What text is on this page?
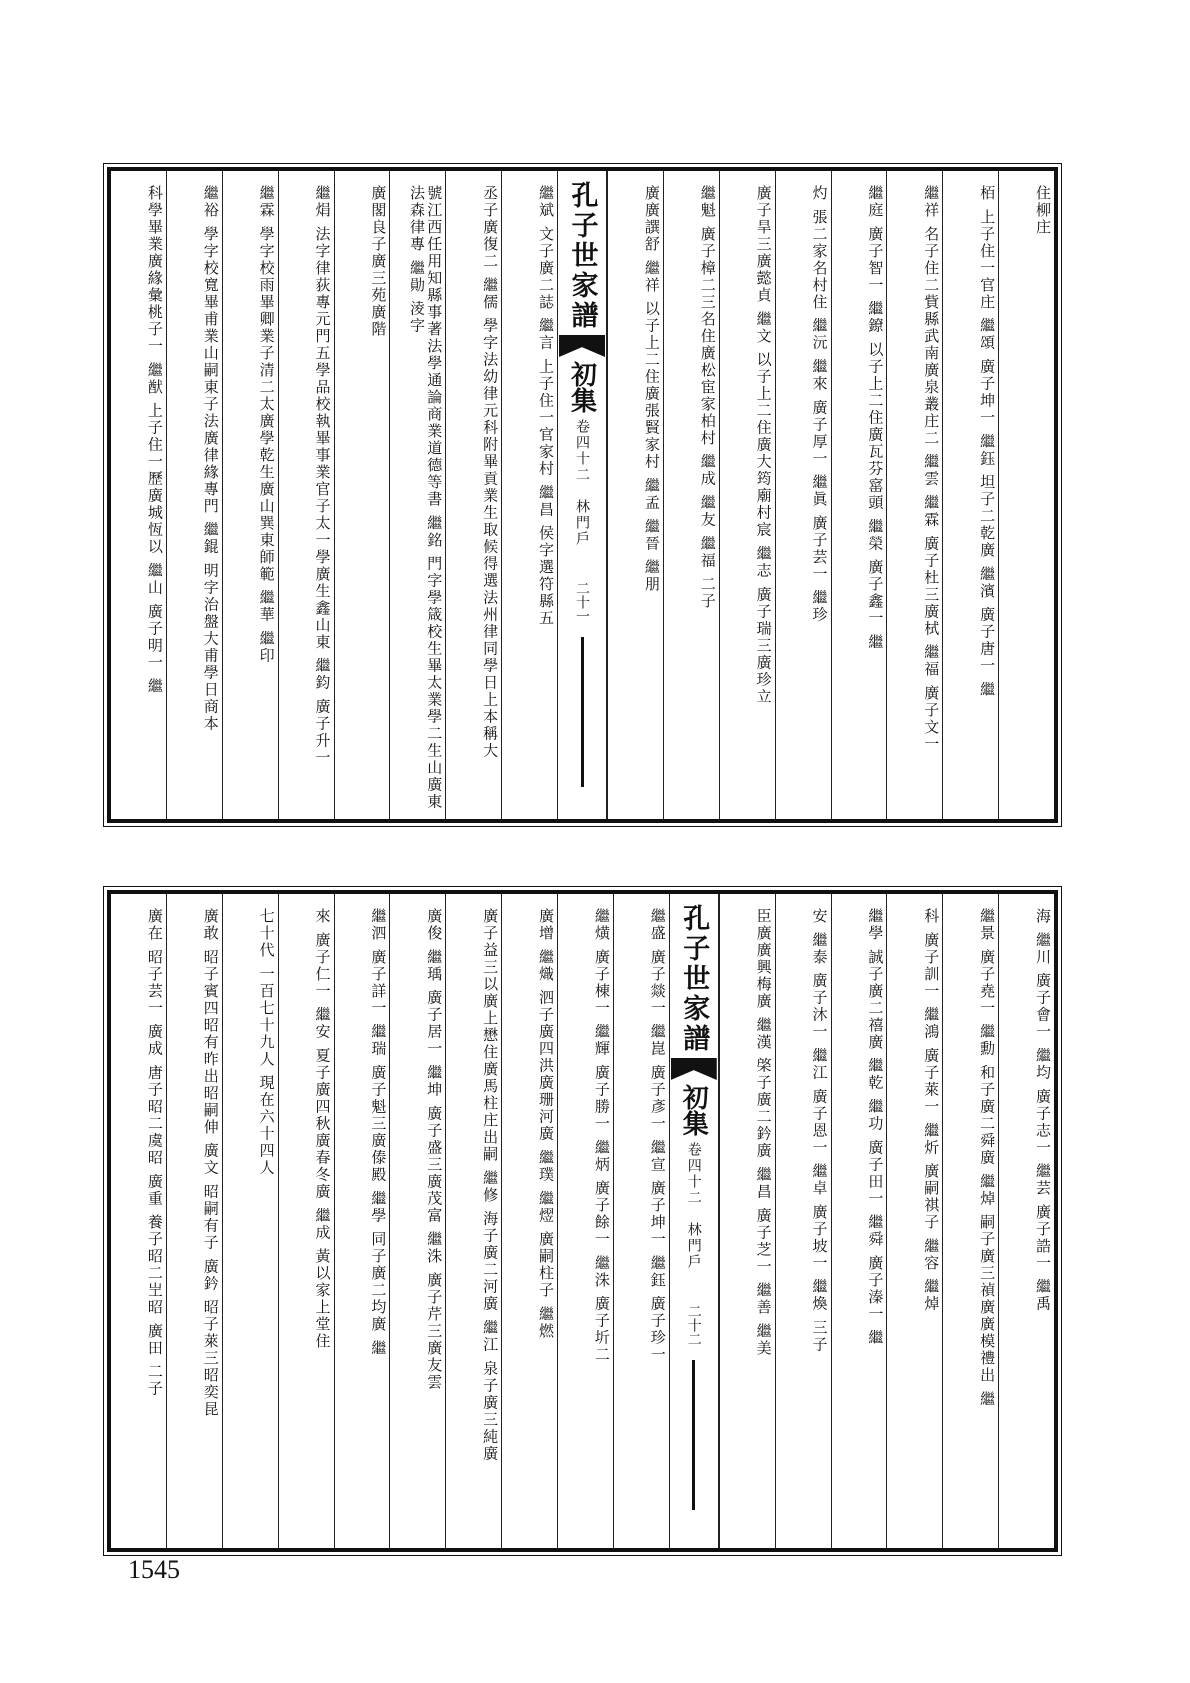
住柳庄
栢 上子住一官庄 繼頌 廣子坤一 繼鈺 坦子二乾廣 繼濱 廣子唐一 繼
繼祥 名子住二貲縣武南廣泉叢庄二 繼雲 繼霖 廣子杜三廣栻 繼福 廣子文一
繼庭 廣子智一 繼鐐 以子上二住廣瓦芬窰頭 繼榮 廣子鑫一 繼
灼 張二家名村住 繼沅 繼來 廣子厚一 繼眞 廣子芸一 繼珍
廣子旱三廣懿貞 繼文 以子上二住廣大筠廟村宸 繼志 廣子瑞三廣珍立
繼魁 廣子樟二三名住廣松宦家柏村 繼成 繼友 繼福 二子
廣廣譔舒 繼祥 以子上二住廣張賢家村 繼孟 繼晉 繼朋
孔子世家譜
初集
卷四十二　林門戶
二十一
繼斌 文子廣二誌 繼言 上子住一官家村 繼昌 侯字選符縣五
丞子廣復二 繼儒 學字法幼律元科附畢貢業生取候得選法州律同學日上本稱大
號江西任用知縣事著法學通論商業道德等書 繼銘 門字學箴校生畢太業學二生山廣東法森律專 繼勛 淩字
廣閣良子廣三苑廣階
繼焆 法字律荻專元門五學品校執畢事業官子太一學廣生鑫山東 繼鈞 廣子升一
繼霖 學字校雨畢卿業子清二太廣學乾生廣山巽東師範 繼華 繼印
繼裕 學字校寬畢甫業山嗣東子法廣律緣專門 繼錕 明字治盤大甫學日商本
科學畢業廣緣彙桃子一 繼猷 上子住一歷廣城恆以 繼山 廣子明一 繼
海 繼川 廣子會一 繼均 廣子志一 繼芸 廣子誥一 繼禹
繼景 廣子堯一 繼勳 和子廣二舜廣 繼焯 嗣子廣三禎廣廣模禮出 繼
科 廣子訓一 繼鴻 廣子萊一 繼炘 廣嗣祺子 繼容 繼焯
繼學 誠子廣二禧廣 繼乾 繼功 廣子田一 繼舜 廣子溱一 繼
安 繼泰 廣子沐一 繼江 廣子恩一 繼卓 廣子坡一 繼煥 三子
臣廣廣興梅廣 繼漢 棨子廣二鈐廣 繼昌 廣子芝一 繼善 繼美
孔子世家譜
初集
卷四十二　林門戶
二十二
繼盛 廣子燚一 繼崑 廣子彥一 繼宣 廣子坤一 繼鈺 廣子珍一
繼熿 廣子棟一 繼輝 廣子勝一 繼炳 廣子餘一 繼洙 廣子圻二
廣增 繼熾 泗子廣四洪廣珊河廣 繼璞 繼熤 廣嗣柱子 繼燃
廣子益三以廣上懋住廣馬柱庄出嗣 繼修 海子廣二河廣 繼江 泉子廣三純廣
廣俊 繼瑀 廣子居一 繼坤 廣子盛三廣茂富 繼洙 廣子芹三廣友雲
繼泗 廣子詳一 繼瑞 廣子魁三廣傣殿 繼學 同子廣二均廣 繼
來 廣子仁一 繼安 夏子廣四秋廣春冬廣 繼成 黃以家上堂住
七十代 一百七十九人 現在六十四人
廣敢 昭子賓四昭有昨出昭嗣伸 廣文 昭嗣有子 廣鈐 昭子萊三昭奕昆
廣在 昭子芸一 廣成 唐子昭二虞昭 廣重 養子昭二㞬昭 廣田 二子
1545
